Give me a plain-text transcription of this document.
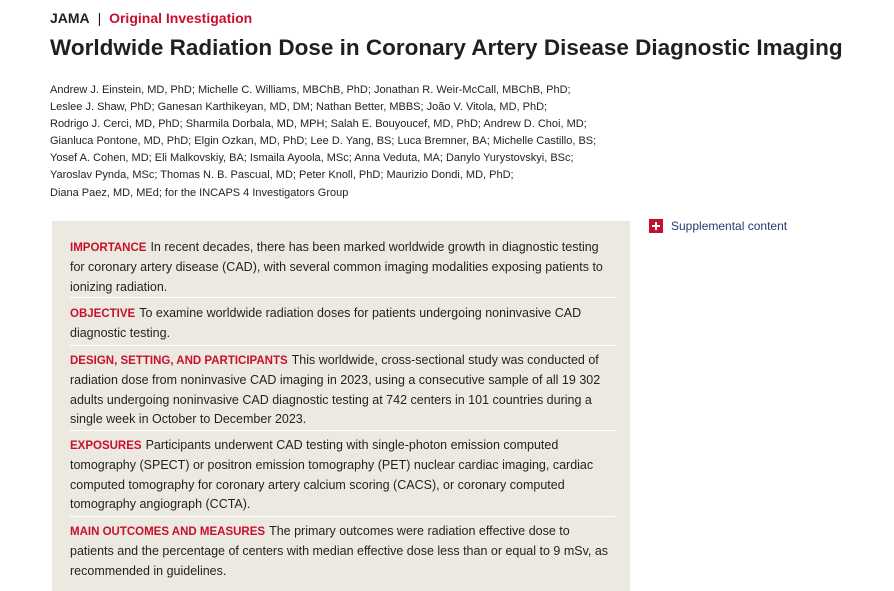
JAMA | Original Investigation
Worldwide Radiation Dose in Coronary Artery Disease Diagnostic Imaging
Andrew J. Einstein, MD, PhD; Michelle C. Williams, MBChB, PhD; Jonathan R. Weir-McCall, MBChB, PhD;
Leslee J. Shaw, PhD; Ganesan Karthikeyan, MD, DM; Nathan Better, MBBS; João V. Vitola, MD, PhD;
Rodrigo J. Cerci, MD, PhD; Sharmila Dorbala, MD, MPH; Salah E. Bouyoucef, MD, PhD; Andrew D. Choi, MD;
Gianluca Pontone, MD, PhD; Elgin Ozkan, MD, PhD; Lee D. Yang, BS; Luca Bremner, BA; Michelle Castillo, BS;
Yosef A. Cohen, MD; Eli Malkovskiy, BA; Ismaila Ayoola, MSc; Anna Veduta, MA; Danylo Yurystovskyi, BSc;
Yaroslav Pynda, MSc; Thomas N. B. Pascual, MD; Peter Knoll, PhD; Maurizio Dondi, MD, PhD;
Diana Paez, MD, MEd; for the INCAPS 4 Investigators Group
Supplemental content
IMPORTANCE In recent decades, there has been marked worldwide growth in diagnostic testing for coronary artery disease (CAD), with several common imaging modalities exposing patients to ionizing radiation.
OBJECTIVE To examine worldwide radiation doses for patients undergoing noninvasive CAD diagnostic testing.
DESIGN, SETTING, AND PARTICIPANTS This worldwide, cross-sectional study was conducted of radiation dose from noninvasive CAD imaging in 2023, using a consecutive sample of all 19 302 adults undergoing noninvasive CAD diagnostic testing at 742 centers in 101 countries during a single week in October to December 2023.
EXPOSURES Participants underwent CAD testing with single-photon emission computed tomography (SPECT) or positron emission tomography (PET) nuclear cardiac imaging, cardiac computed tomography for coronary artery calcium scoring (CACS), or coronary computed tomography angiograph (CCTA).
MAIN OUTCOMES AND MEASURES The primary outcomes were radiation effective dose to patients and the percentage of centers with median effective dose less than or equal to 9 mSv, as recommended in guidelines.
